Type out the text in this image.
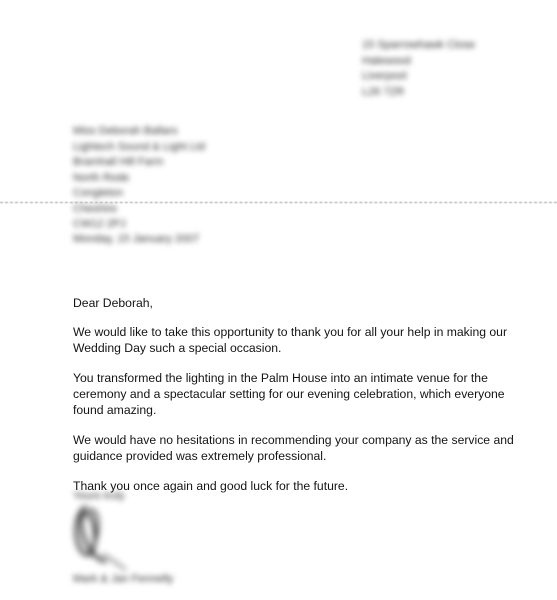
15 Sparrowhawk Close
Halewood
Liverpool
L26 7ZR
Miss Deborah Ballars
Lightech Sound & Light Ltd
Bramhall Hill Farm
North Rode
Congleton
Cheshire
CW12 2PJ
Monday, 15 January 2007

Dear Deborah,

We would like to take this opportunity to thank you for all your help in making our Wedding Day such a special occasion.

You transformed the lighting in the Palm House into an intimate venue for the ceremony and a spectacular setting for our evening celebration, which everyone found amazing.

We would have no hesitations in recommending your company as the service and guidance provided was extremely professional.

Thank you once again and good luck for the future.

Yours truly
Mark & Jan Fennelly
